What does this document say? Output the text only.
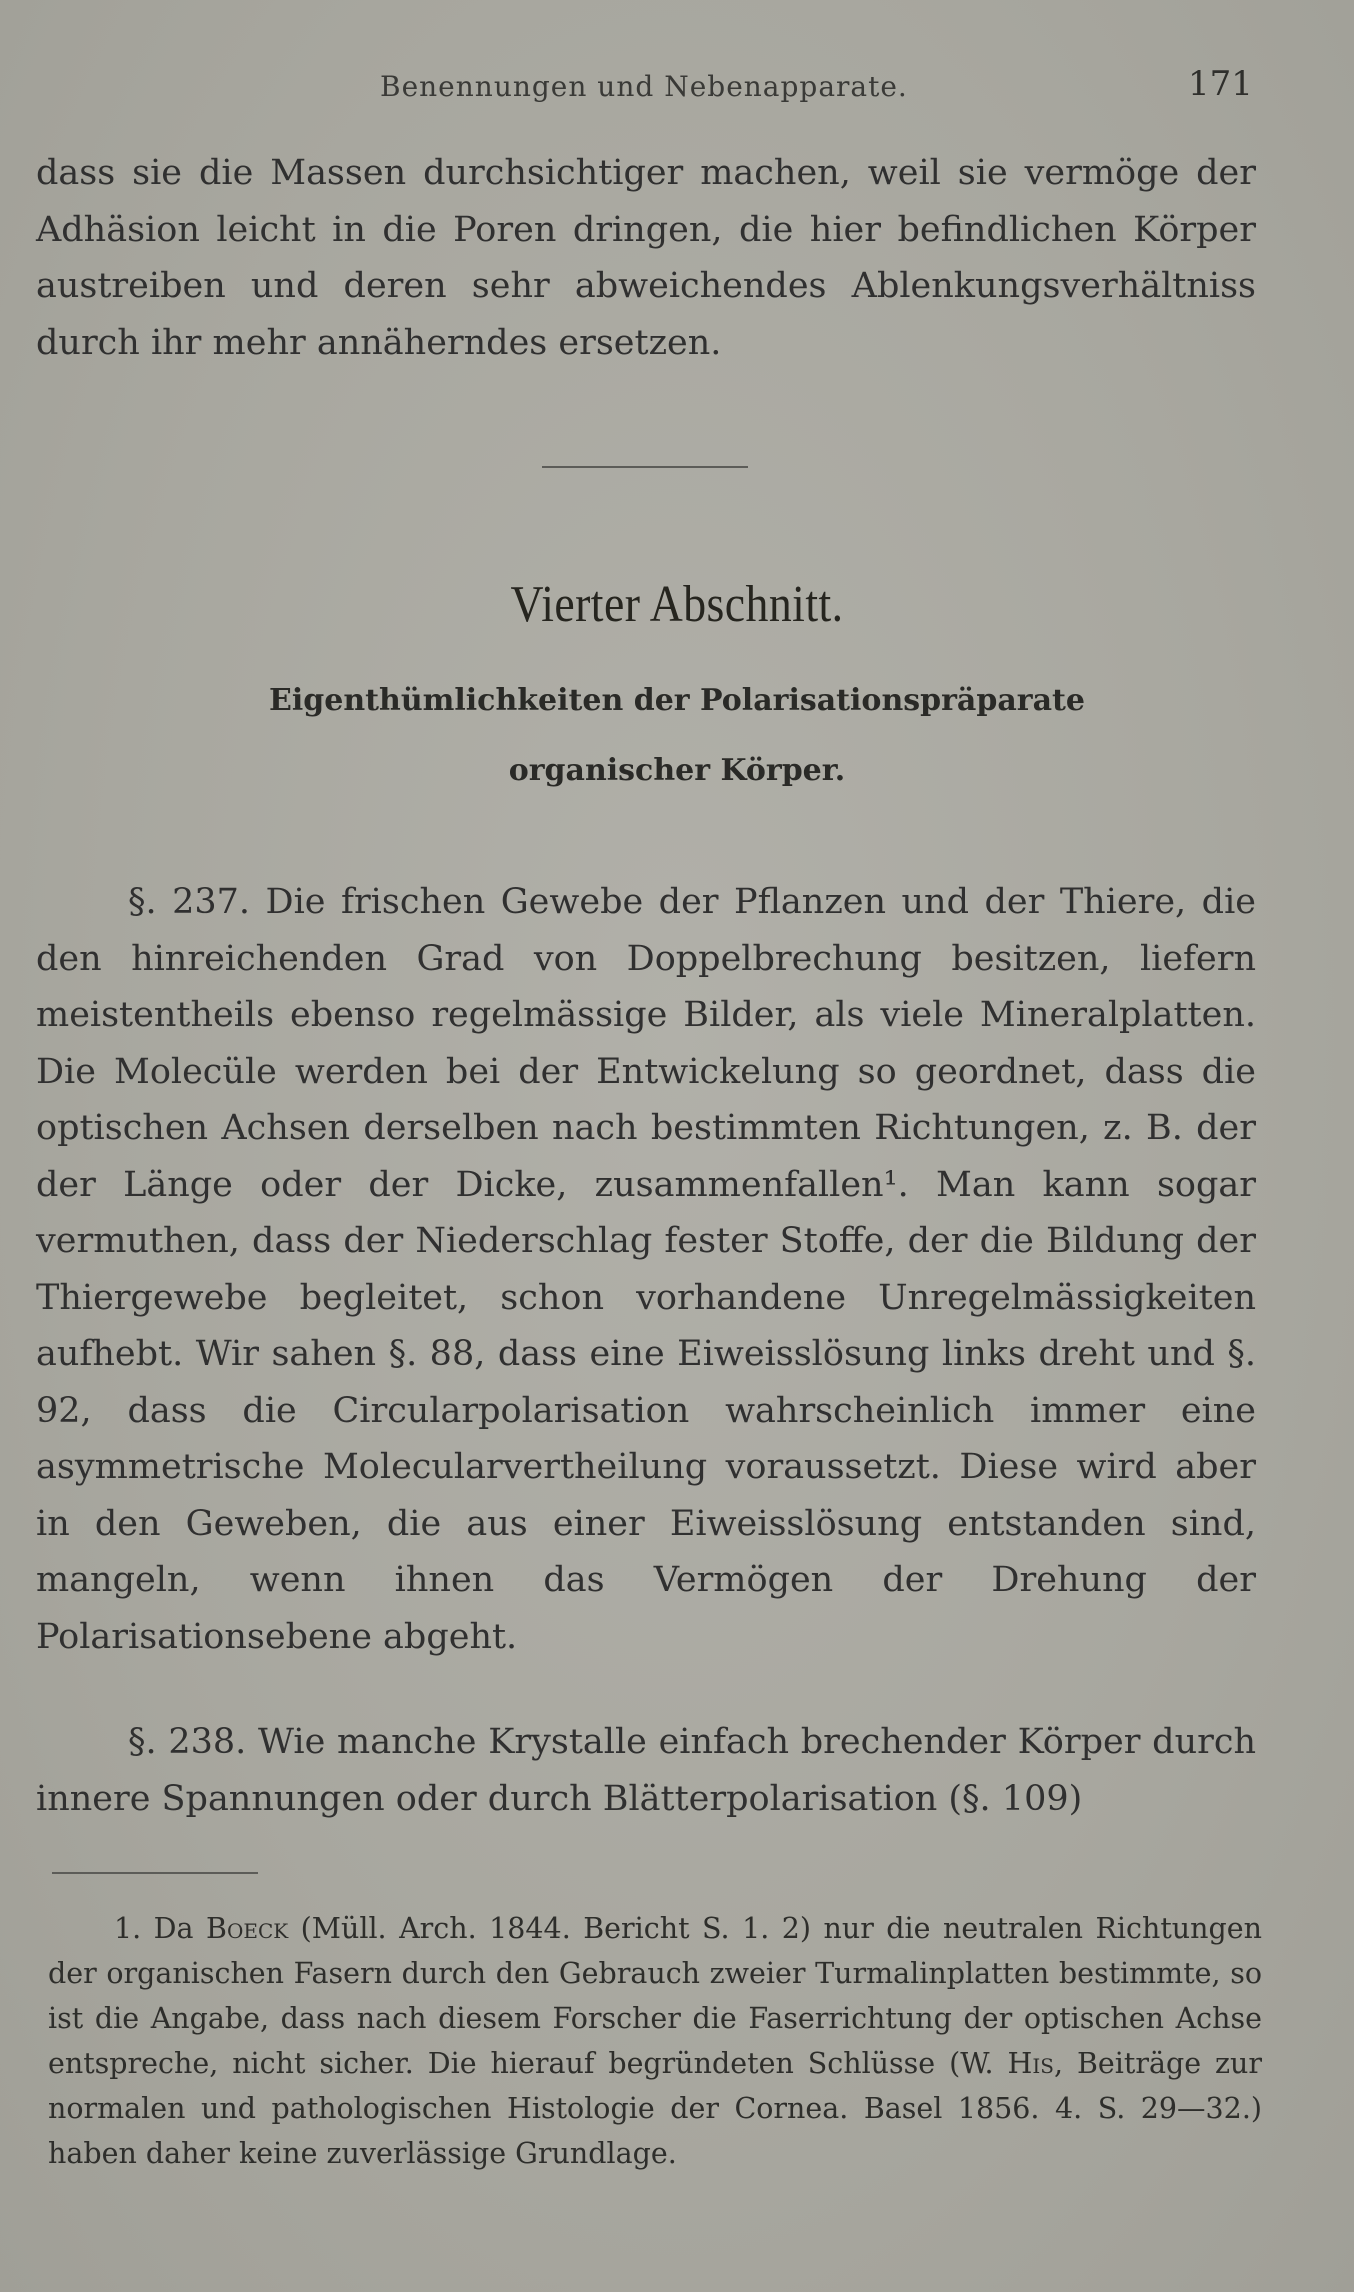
Benennungen und Nebenapparate.	171

dass sie die Massen durchsichtiger machen, weil sie vermöge der Adhäsion leicht in die Poren dringen, die hier befindlichen Körper austreiben und deren sehr abweichendes Ablenkungsverhältniss durch ihr mehr annäherndes ersetzen.

Vierter Abschnitt.
Eigenthümlichkeiten der Polarisationspräparate
organischer Körper.

§. 237. Die frischen Gewebe der Pflanzen und der Thiere, die den hinreichenden Grad von Doppelbrechung besitzen, liefern meistentheils ebenso regelmässige Bilder, als viele Mineralplatten. Die Molecüle werden bei der Entwickelung so geordnet, dass die optischen Achsen derselben nach bestimmten Richtungen, z. B. der der Länge oder der Dicke, zusammenfallen¹. Man kann sogar vermuthen, dass der Niederschlag fester Stoffe, der die Bildung der Thiergewebe begleitet, schon vorhandene Unregelmässigkeiten aufhebt. Wir sahen §. 88, dass eine Eiweisslösung links dreht und §. 92, dass die Circularpolarisation wahrscheinlich immer eine asymmetrische Molecularvertheilung voraussetzt. Diese wird aber in den Geweben, die aus einer Eiweisslösung entstanden sind, mangeln, wenn ihnen das Vermögen der Drehung der Polarisationsebene abgeht.

§. 238. Wie manche Krystalle einfach brechender Körper durch innere Spannungen oder durch Blätterpolarisation (§. 109)

1. Da Boeck (Müll. Arch. 1844. Bericht S. 1. 2) nur die neutralen Richtungen der organischen Fasern durch den Gebrauch zweier Turmalinplatten bestimmte, so ist die Angabe, dass nach diesem Forscher die Faserrichtung der optischen Achse entspreche, nicht sicher. Die hierauf begründeten Schlüsse (W. His, Beiträge zur normalen und pathologischen Histologie der Cornea. Basel 1856. 4. S. 29—32.) haben daher keine zuverlässige Grundlage.
